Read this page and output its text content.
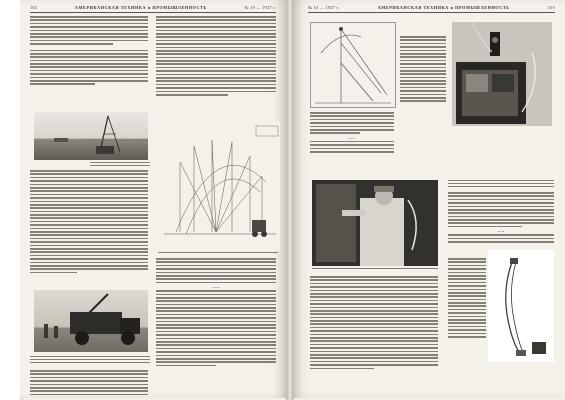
102	АМЕРИКАНСКАЯ ТЕХНИКА и ПРОМЫШЛЕННОСТЬ	№ 10 — 1927 г.
• • •
№ 10 — 1927 г.	АМЕРИКАНСКАЯ ТЕХНИКА и ПРОМЫШЛЕННОСТЬ	103
• • •
• • •
